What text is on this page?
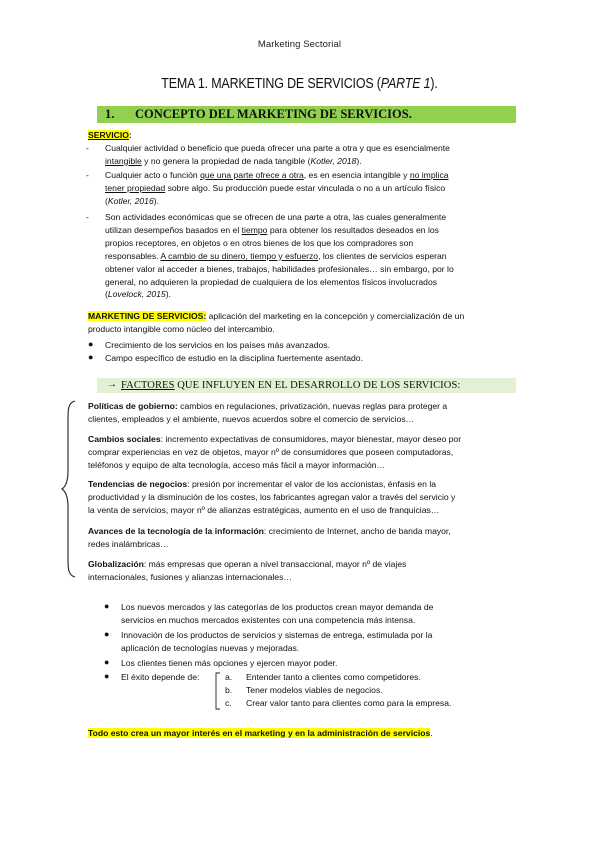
Marketing Sectorial
TEMA 1. MARKETING DE SERVICIOS (PARTE 1).
1. CONCEPTO DEL MARKETING DE SERVICIOS.
SERVICIO:
- Cualquier actividad o beneficio que pueda ofrecer una parte a otra y que es esencialmente
intangible y no genera la propiedad de nada tangible (Kotler, 2018).
- Cualquier acto o función que una parte ofrece a otra, es en esencia intangible y no implica
tener propiedad sobre algo. Su producción puede estar vinculada o no a un artículo físico
(Kotler, 2016).
- Son actividades económicas que se ofrecen de una parte a otra, las cuales generalmente
utilizan desempeños basados en el tiempo para obtener los resultados deseados en los
propios receptores, en objetos o en otros bienes de los que los compradores son
responsables. A cambio de su dinero, tiempo y esfuerzo, los clientes de servicios esperan
obtener valor al acceder a bienes, trabajos, habilidades profesionales… sin embargo, por lo
general, no adquieren la propiedad de cualquiera de los elementos físicos involucrados
(Lovelock, 2015).
MARKETING DE SERVICIOS: aplicación del marketing en la concepción y comercialización de un
producto intangible como núcleo del intercambio.
● Crecimiento de los servicios en los países más avanzados.
● Campo específico de estudio en la disciplina fuertemente asentado.
→ FACTORES QUE INFLUYEN EN EL DESARROLLO DE LOS SERVICIOS:
Políticas de gobierno: cambios en regulaciones, privatización, nuevas reglas para proteger a
clientes, empleados y el ambiente, nuevos acuerdos sobre el comercio de servicios…
Cambios sociales: incremento expectativas de consumidores, mayor bienestar, mayor deseo por
comprar experiencias en vez de objetos, mayor nº de consumidores que poseen computadoras,
teléfonos y equipo de alta tecnología, acceso más fácil a mayor información…
Tendencias de negocios: presión por incrementar el valor de los accionistas, énfasis en la
productividad y la disminución de los costes, los fabricantes agregan valor a través del servicio y
la venta de servicios, mayor nº de alianzas estratégicas, aumento en el uso de franquicias…
Avances de la tecnología de la información: crecimiento de Internet, ancho de banda mayor,
redes inalámbricas…
Globalización: más empresas que operan a nivel transaccional, mayor nº de viajes
internacionales, fusiones y alianzas internacionales…
● Los nuevos mercados y las categorías de los productos crean mayor demanda de
servicios en muchos mercados existentes con una competencia más intensa.
● Innovación de los productos de servicios y sistemas de entrega, estimulada por la
aplicación de tecnologías nuevas y mejoradas.
● Los clientes tienen más opciones y ejercen mayor poder.
● El éxito depende de:	a. Entender tanto a clientes como competidores.
b. Tener modelos viables de negocios.
c. Crear valor tanto para clientes como para la empresa.
Todo esto crea un mayor interés en el marketing y en la administración de servicios.
